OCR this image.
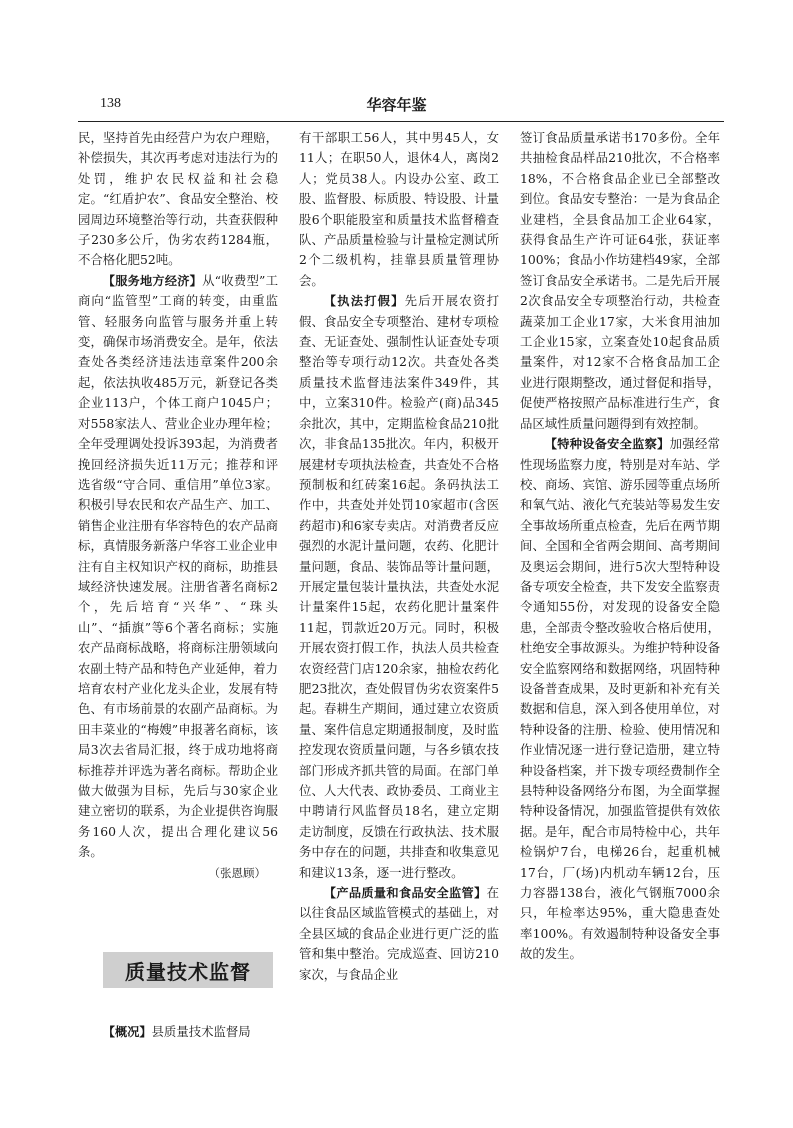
138	华容年鉴

民，坚持首先由经营户为农户理赔，补偿损失，其次再考虑对违法行为的处罚，维护农民权益和社会稳定。“红盾护农”、食品安全整治、校园周边环境整治等行动，共查获假种子230多公斤，伪劣农药1284瓶，不合格化肥52吨。

【服务地方经济】从“收费型”工商向“监管型”工商的转变，由重监管、轻服务向监管与服务并重上转变，确保市场消费安全。是年，依法查处各类经济违法违章案件200余起，依法执收485万元，新登记各类企业113户，个体工商户1045户；对558家法人、营业企业办理年检；全年受理调处投诉393起，为消费者挽回经济损失近11万元；推荐和评选省级“守合同、重信用”单位3家。积极引导农民和农产品生产、加工、销售企业注册有华容特色的农产品商标，真情服务新落户华容工业企业申注有自主权知识产权的商标，助推县域经济快速发展。注册省著名商标2个，先后培育“兴华”、“珠头山”、“插旗”等6个著名商标；实施农产品商标战略，将商标注册领域向农副土特产品和特色产业延伸，着力培育农村产业化龙头企业，发展有特色、有市场前景的农副产品商标。为田丰菜业的“梅嫂”申报著名商标，该局3次去省局汇报，终于成功地将商标推荐并评选为著名商标。帮助企业做大做强为目标，先后与30家企业建立密切的联系，为企业提供咨询服务160人次，提出合理化建议56条。

（张恩顾）
质量技术监督

【概况】县质量技术监督局

有干部职工56人，其中男45人，女11人；在职50人，退休4人，离岗2人；党员38人。内设办公室、政工股、监督股、标质股、特设股、计量股6个职能股室和质量技术监督稽查队、产品质量检验与计量检定测试所2个二级机构，挂靠县质量管理协会。

【执法打假】先后开展农资打假、食品安全专项整治、建材专项检查、无证查处、强制性认证查处专项整治等专项行动12次。共查处各类质量技术监督违法案件349件，其中，立案310件。检验产(商)品345余批次，其中，定期监检食品210批次，非食品135批次。年内，积极开展建材专项执法检查，共查处不合格预制板和红砖案16起。条码执法工作中，共查处并处罚10家超市(含医药超市)和6家专卖店。对消费者反应强烈的水泥计量问题，农药、化肥计量问题，食品、装饰品等计量问题，开展定量包装计量执法，共查处水泥计量案件15起，农药化肥计量案件11起，罚款近20万元。同时，积极开展农资打假工作，执法人员共检查农资经营门店120余家，抽检农药化肥23批次，查处假冒伪劣农资案件5起。春耕生产期间，通过建立农资质量、案件信息定期通报制度，及时监控发现农资质量问题，与各乡镇农技部门形成齐抓共管的局面。在部门单位、人大代表、政协委员、工商业主中聘请行风监督员18名，建立定期走访制度，反馈在行政执法、技术服务中存在的问题，共排查和收集意见和建议13条，逐一进行整改。

【产品质量和食品安全监管】在以往食品区域监管模式的基础上，对全县区域的食品企业进行更广泛的监管和集中整治。完成巡查、回访210家次，与食品企业

签订食品质量承诺书170多份。全年共抽检食品样品210批次，不合格率18%，不合格食品企业已全部整改到位。食品安专整治：一是为食品企业建档，全县食品加工企业64家，获得食品生产许可证64张，获证率100%；食品小作坊建档49家，全部签订食品安全承诺书。二是先后开展2次食品安全专项整治行动，共检查蔬菜加工企业17家，大米食用油加工企业15家，立案查处10起食品质量案件，对12家不合格食品加工企业进行限期整改，通过督促和指导，促使严格按照产品标准进行生产，食品区域性质量问题得到有效控制。

【特种设备安全监察】加强经常性现场监察力度，特别是对车站、学校、商场、宾馆、游乐园等重点场所和氧气站、液化气充装站等易发生安全事故场所重点检查，先后在两节期间、全国和全省两会期间、高考期间及奥运会期间，进行5次大型特种设备专项安全检查，共下发安全监察责令通知55份，对发现的设备安全隐患，全部责令整改验收合格后使用，杜绝安全事故源头。为维护特种设备安全监察网络和数据网络，巩固特种设备普查成果，及时更新和补充有关数据和信息，深入到各使用单位，对特种设备的注册、检验、使用情况和作业情况逐一进行登记造册，建立特种设备档案，并下拨专项经费制作全县特种设备网络分布图，为全面掌握特种设备情况，加强监管提供有效依据。是年，配合市局特检中心，共年检锅炉7台，电梯26台，起重机械17台，厂(场)内机动车辆12台，压力容器138台，液化气钢瓶7000余只，年检率达95%，重大隐患查处率100%。有效遏制特种设备安全事故的发生。
